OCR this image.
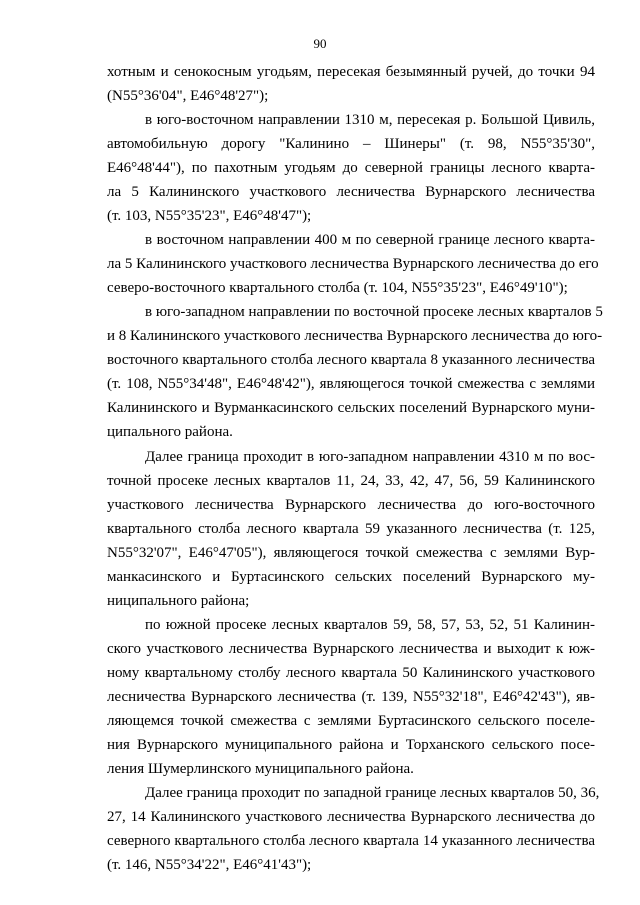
90
хотным и сенокосным угодьям, пересекая безымянный ручей, до точки 94
(N55°36'04", E46°48'27");
в юго-восточном направлении 1310 м, пересекая р. Большой Цивиль,
автомобильную дорогу "Калинино – Шинеры" (т. 98, N55°35'30",
E46°48'44"), по пахотным угодьям до северной границы лесного кварта-
ла 5 Калининского участкового лесничества Вурнарского лесничества
(т. 103, N55°35'23", E46°48'47");
в восточном направлении 400 м по северной границе лесного кварта-
ла 5 Калининского участкового лесничества Вурнарского лесничества до его
северо-восточного квартального столба (т. 104, N55°35'23", E46°49'10");
в юго-западном направлении по восточной просеке лесных кварталов 5
и 8 Калининского участкового лесничества Вурнарского лесничества до юго-
восточного квартального столба лесного квартала 8 указанного лесничества
(т. 108, N55°34'48", E46°48'42"), являющегося точкой смежества с землями
Калининского и Вурманкасинского сельских поселений Вурнарского муни-
ципального района.
Далее граница проходит в юго-западном направлении 4310 м по вос-
точной просеке лесных кварталов 11, 24, 33, 42, 47, 56, 59 Калининского
участкового лесничества Вурнарского лесничества до юго-восточного
квартального столба лесного квартала 59 указанного лесничества (т. 125,
N55°32'07", E46°47'05"), являющегося точкой смежества с землями Вур-
манкасинского и Буртасинского сельских поселений Вурнарского му-
ниципального района;
по южной просеке лесных кварталов 59, 58, 57, 53, 52, 51 Калинин-
ского участкового лесничества Вурнарского лесничества и выходит к юж-
ному квартальному столбу лесного квартала 50 Калининского участкового
лесничества Вурнарского лесничества (т. 139, N55°32'18", E46°42'43"), яв-
ляющемся точкой смежества с землями Буртасинского сельского поселе-
ния Вурнарского муниципального района и Торханского сельского посе-
ления Шумерлинского муниципального района.
Далее граница проходит по западной границе лесных кварталов 50, 36,
27, 14 Калининского участкового лесничества Вурнарского лесничества до
северного квартального столба лесного квартала 14 указанного лесничества
(т. 146, N55°34'22", E46°41'43");
